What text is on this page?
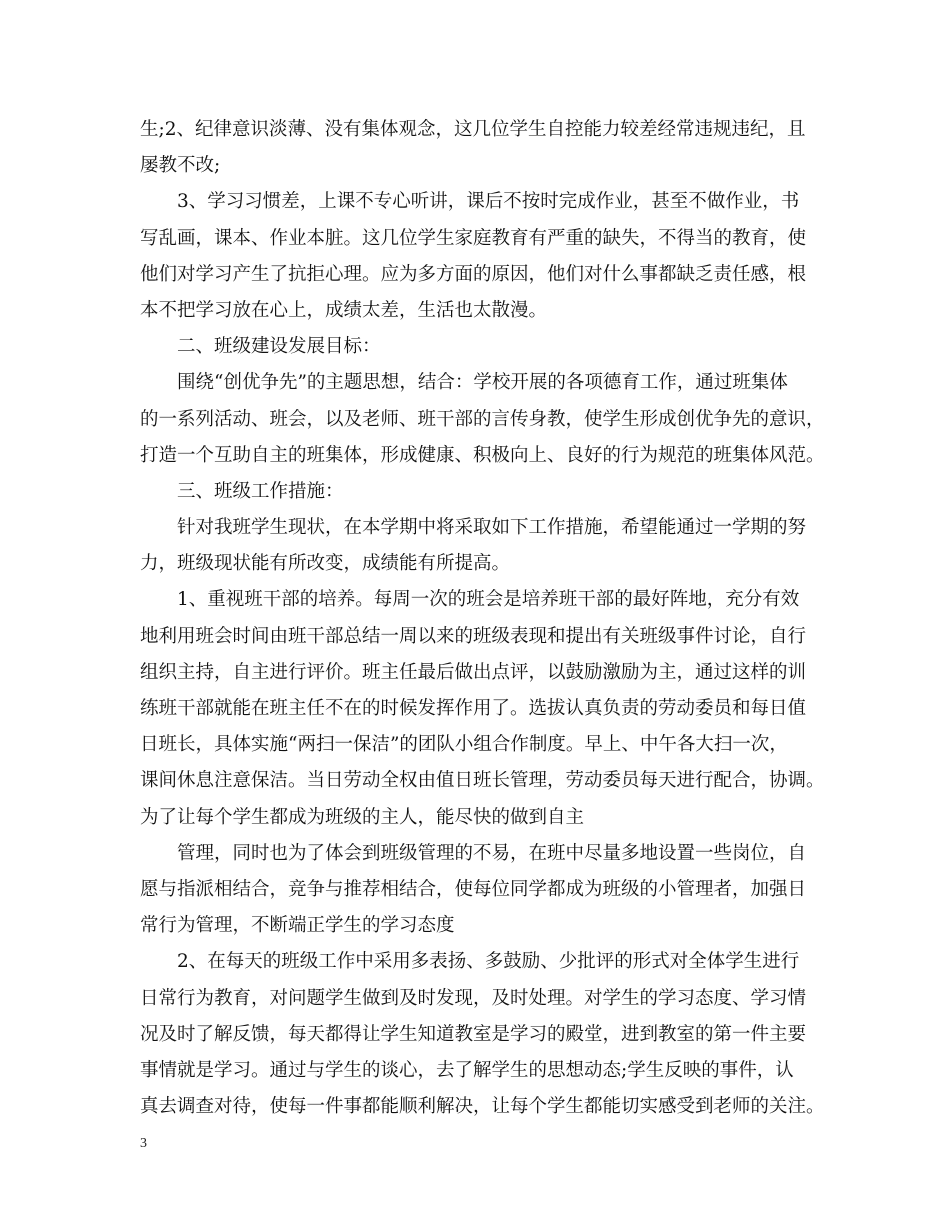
生;2、纪律意识淡薄、没有集体观念，这几位学生自控能力较差经常违规违纪，且
屡教不改;
3、学习习惯差，上课不专心听讲，课后不按时完成作业，甚至不做作业，书
写乱画，课本、作业本脏。这几位学生家庭教育有严重的缺失，不得当的教育，使
他们对学习产生了抗拒心理。应为多方面的原因，他们对什么事都缺乏责任感，根
本不把学习放在心上，成绩太差，生活也太散漫。
二、班级建设发展目标：
围绕“创优争先”的主题思想，结合：学校开展的各项德育工作，通过班集体
的一系列活动、班会，以及老师、班干部的言传身教，使学生形成创优争先的意识，
打造一个互助自主的班集体，形成健康、积极向上、良好的行为规范的班集体风范。
三、班级工作措施：
针对我班学生现状，在本学期中将采取如下工作措施，希望能通过一学期的努
力，班级现状能有所改变，成绩能有所提高。
1、重视班干部的培养。每周一次的班会是培养班干部的最好阵地，充分有效
地利用班会时间由班干部总结一周以来的班级表现和提出有关班级事件讨论，自行
组织主持，自主进行评价。班主任最后做出点评，以鼓励激励为主，通过这样的训
练班干部就能在班主任不在的时候发挥作用了。选拔认真负责的劳动委员和每日值
日班长，具体实施“两扫一保洁”的团队小组合作制度。早上、中午各大扫一次，
课间休息注意保洁。当日劳动全权由值日班长管理，劳动委员每天进行配合，协调。
为了让每个学生都成为班级的主人，能尽快的做到自主
管理，同时也为了体会到班级管理的不易，在班中尽量多地设置一些岗位，自
愿与指派相结合，竞争与推荐相结合，使每位同学都成为班级的小管理者，加强日
常行为管理，不断端正学生的学习态度
2、在每天的班级工作中采用多表扬、多鼓励、少批评的形式对全体学生进行
日常行为教育，对问题学生做到及时发现，及时处理。对学生的学习态度、学习情
况及时了解反馈，每天都得让学生知道教室是学习的殿堂，进到教室的第一件主要
事情就是学习。通过与学生的谈心，去了解学生的思想动态;学生反映的事件，认
真去调查对待，使每一件事都能顺利解决，让每个学生都能切实感受到老师的关注。
3
